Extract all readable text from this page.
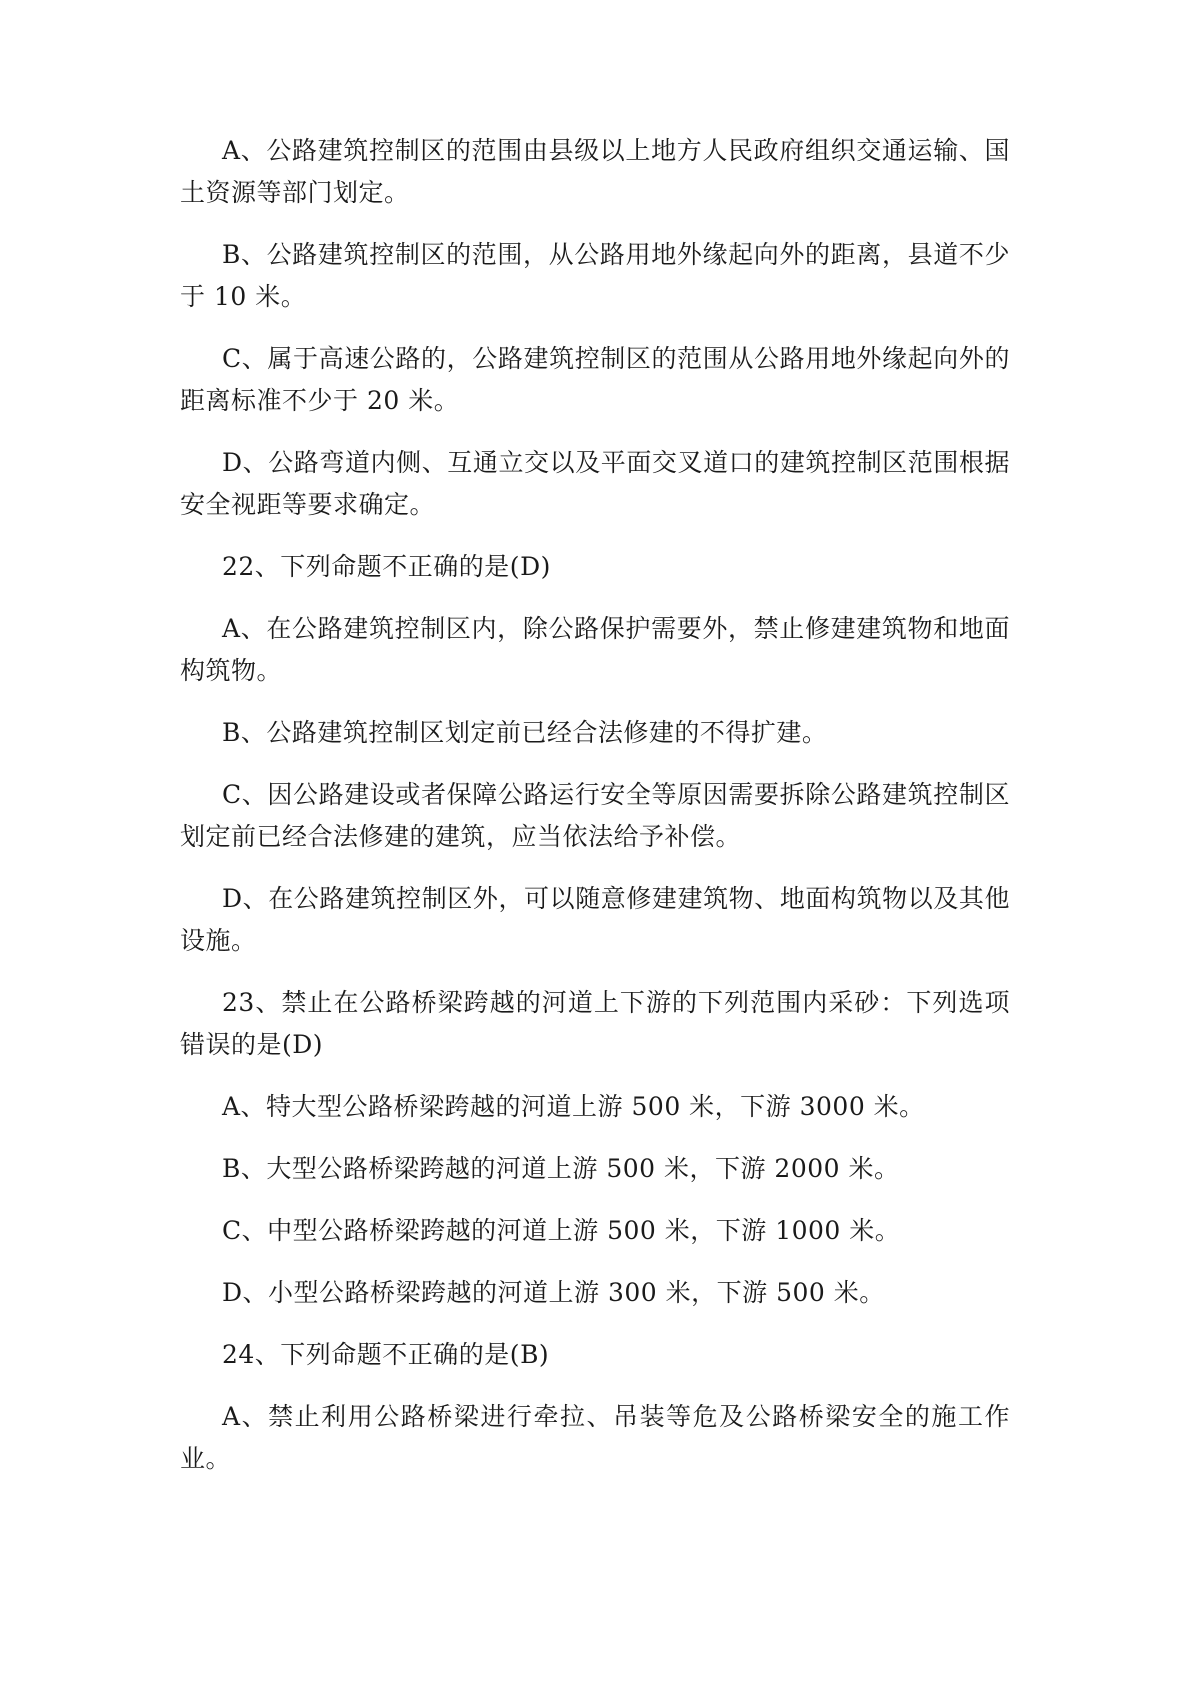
A、公路建筑控制区的范围由县级以上地方人民政府组织交通运输、国土资源等部门划定。

B、公路建筑控制区的范围，从公路用地外缘起向外的距离，县道不少于 10 米。

C、属于高速公路的，公路建筑控制区的范围从公路用地外缘起向外的距离标准不少于 20 米。

D、公路弯道内侧、互通立交以及平面交叉道口的建筑控制区范围根据安全视距等要求确定。

22、下列命题不正确的是(D)

A、在公路建筑控制区内，除公路保护需要外，禁止修建建筑物和地面构筑物。

B、公路建筑控制区划定前已经合法修建的不得扩建。

C、因公路建设或者保障公路运行安全等原因需要拆除公路建筑控制区划定前已经合法修建的建筑，应当依法给予补偿。

D、在公路建筑控制区外，可以随意修建建筑物、地面构筑物以及其他设施。

23、禁止在公路桥梁跨越的河道上下游的下列范围内采砂：下列选项错误的是(D)

A、特大型公路桥梁跨越的河道上游 500 米，下游 3000 米。

B、大型公路桥梁跨越的河道上游 500 米，下游 2000 米。

C、中型公路桥梁跨越的河道上游 500 米，下游 1000 米。

D、小型公路桥梁跨越的河道上游 300 米，下游 500 米。

24、下列命题不正确的是(B)

A、禁止利用公路桥梁进行牵拉、吊装等危及公路桥梁安全的施工作业。
